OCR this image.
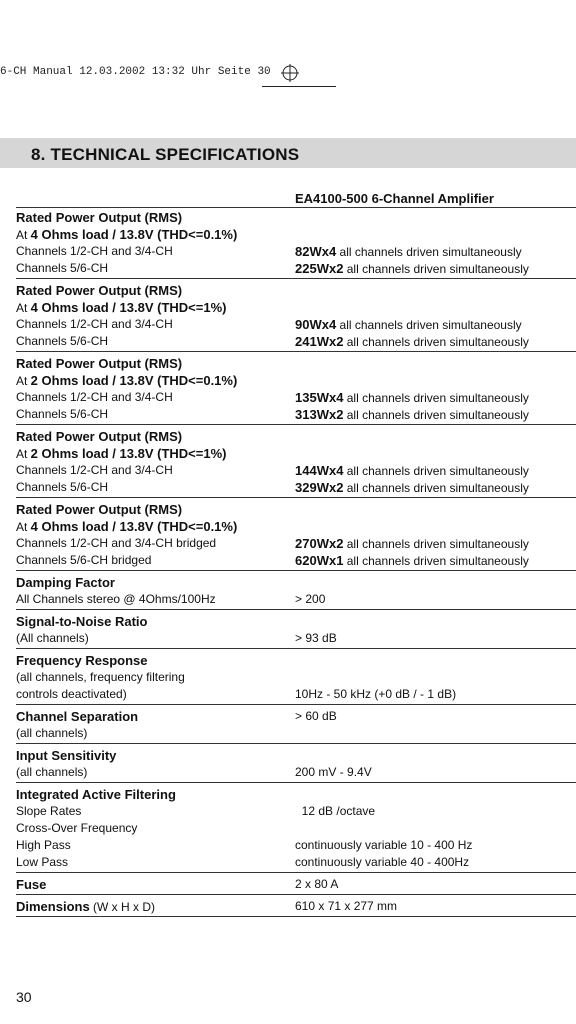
6-CH Manual 12.03.2002 13:32 Uhr Seite 30
8. TECHNICAL SPECIFICATIONS
EA4100-500 6-Channel Amplifier
Rated Power Output (RMS)
At 4 Ohms load / 13.8V (THD<=0.1%)
Channels 1/2-CH and 3/4-CH	82Wx4 all channels driven simultaneously
Channels 5/6-CH	225Wx2 all channels driven simultaneously
Rated Power Output (RMS)
At 4 Ohms load / 13.8V (THD<=1%)
Channels 1/2-CH and 3/4-CH	90Wx4 all channels driven simultaneously
Channels 5/6-CH	241Wx2 all channels driven simultaneously
Rated Power Output (RMS)
At 2 Ohms load / 13.8V (THD<=0.1%)
Channels 1/2-CH and 3/4-CH	135Wx4 all channels driven simultaneously
Channels 5/6-CH	313Wx2 all channels driven simultaneously
Rated Power Output (RMS)
At 2 Ohms load / 13.8V (THD<=1%)
Channels 1/2-CH and 3/4-CH	144Wx4 all channels driven simultaneously
Channels 5/6-CH	329Wx2 all channels driven simultaneously
Rated Power Output (RMS)
At 4 Ohms load / 13.8V (THD<=0.1%)
Channels 1/2-CH and 3/4-CH bridged	270Wx2 all channels driven simultaneously
Channels 5/6-CH bridged	620Wx1 all channels driven simultaneously
Damping Factor
All Channels stereo @ 4Ohms/100Hz	> 200
Signal-to-Noise Ratio
(All channels)	> 93 dB
Frequency Response
(all channels, frequency filtering
controls deactivated)	10Hz - 50 kHz (+0 dB / - 1 dB)
Channel Separation	> 60 dB
(all channels)
Input Sensitivity
(all channels)	200 mV - 9.4V
Integrated Active Filtering
Slope Rates	12 dB /octave
Cross-Over Frequency
High Pass	continuously variable 10 - 400 Hz
Low Pass	continuously variable 40 - 400Hz
Fuse	2 x 80 A
Dimensions (W x H x D)	610 x 71 x 277 mm
30
